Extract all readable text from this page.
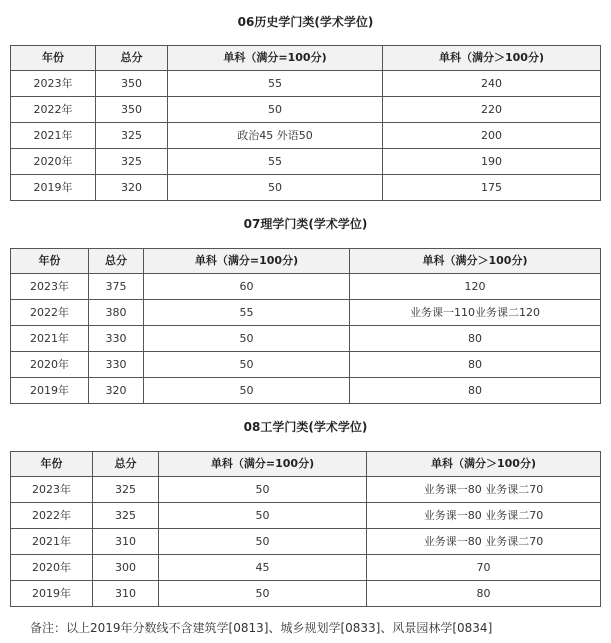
06历史学门类(学术学位)
年份	总分	单科（满分=100分)	单科（满分＞100分)
2023年	350	55	240
2022年	350	50	220
2021年	325	政治45 外语50	200
2020年	325	55	190
2019年	320	50	175
07理学门类(学术学位)
年份	总分	单科（满分=100分)	单科（满分＞100分)
2023年	375	60	120
2022年	380	55	业务课一110业务课二120
2021年	330	50	80
2020年	330	50	80
2019年	320	50	80
08工学门类(学术学位)
年份	总分	单科（满分=100分)	单科（满分＞100分)
2023年	325	50	业务课一80 业务课二70
2022年	325	50	业务课一80 业务课二70
2021年	310	50	业务课一80 业务课二70
2020年	300	45	70
2019年	310	50	80
备注：以上2019年分数线不含建筑学[0813]、城乡规划学[0833]、风景园林学[0834]
